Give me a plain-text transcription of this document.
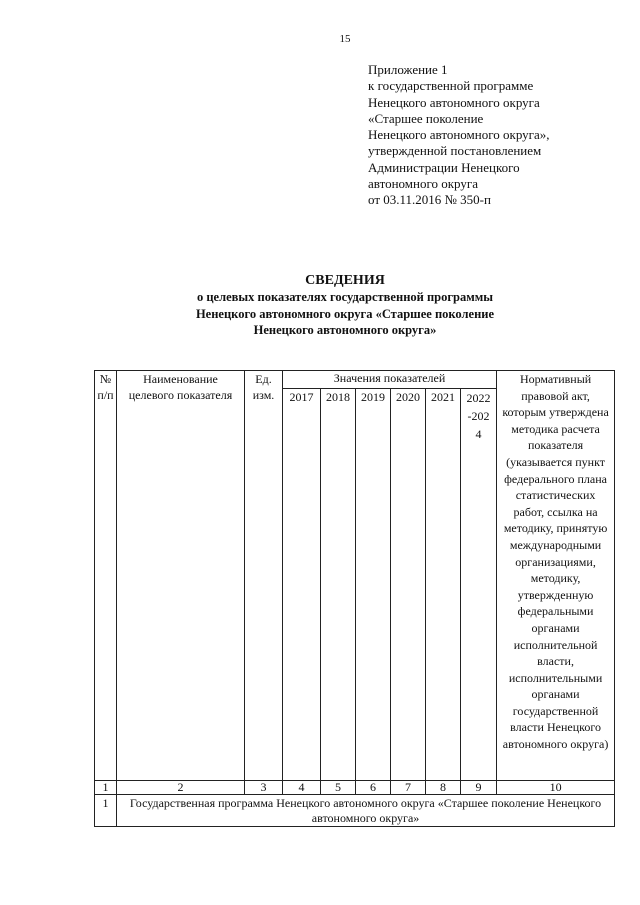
15
Приложение 1
к государственной программе
Ненецкого автономного округа
«Старшее поколение
Ненецкого автономного округа»,
утвержденной постановлением
Администрации Ненецкого
автономного округа
от 03.11.2016 № 350-п
СВЕДЕНИЯ
о целевых показателях государственной программы
Ненецкого автономного округа «Старшее поколение
Ненецкого автономного округа»
№ п/п	Наименование целевого показателя	Ед. изм.	Значения показателей						Нормативный правовой акт, которым утверждена методика расчета показателя (указывается пункт федерального плана статистических работ, ссылка на методику, принятую международными организациями, методику, утвержденную федеральными органами исполнительной власти, исполнительными органами государственной власти Ненецкого автономного округа)

			2017	2018	2019	2020	2021	2022-2024	

1	2	3	4	5	6	7	8	9	10
1	Государственная программа Ненецкого автономного округа «Старшее поколение Ненецкого автономного округа»								
